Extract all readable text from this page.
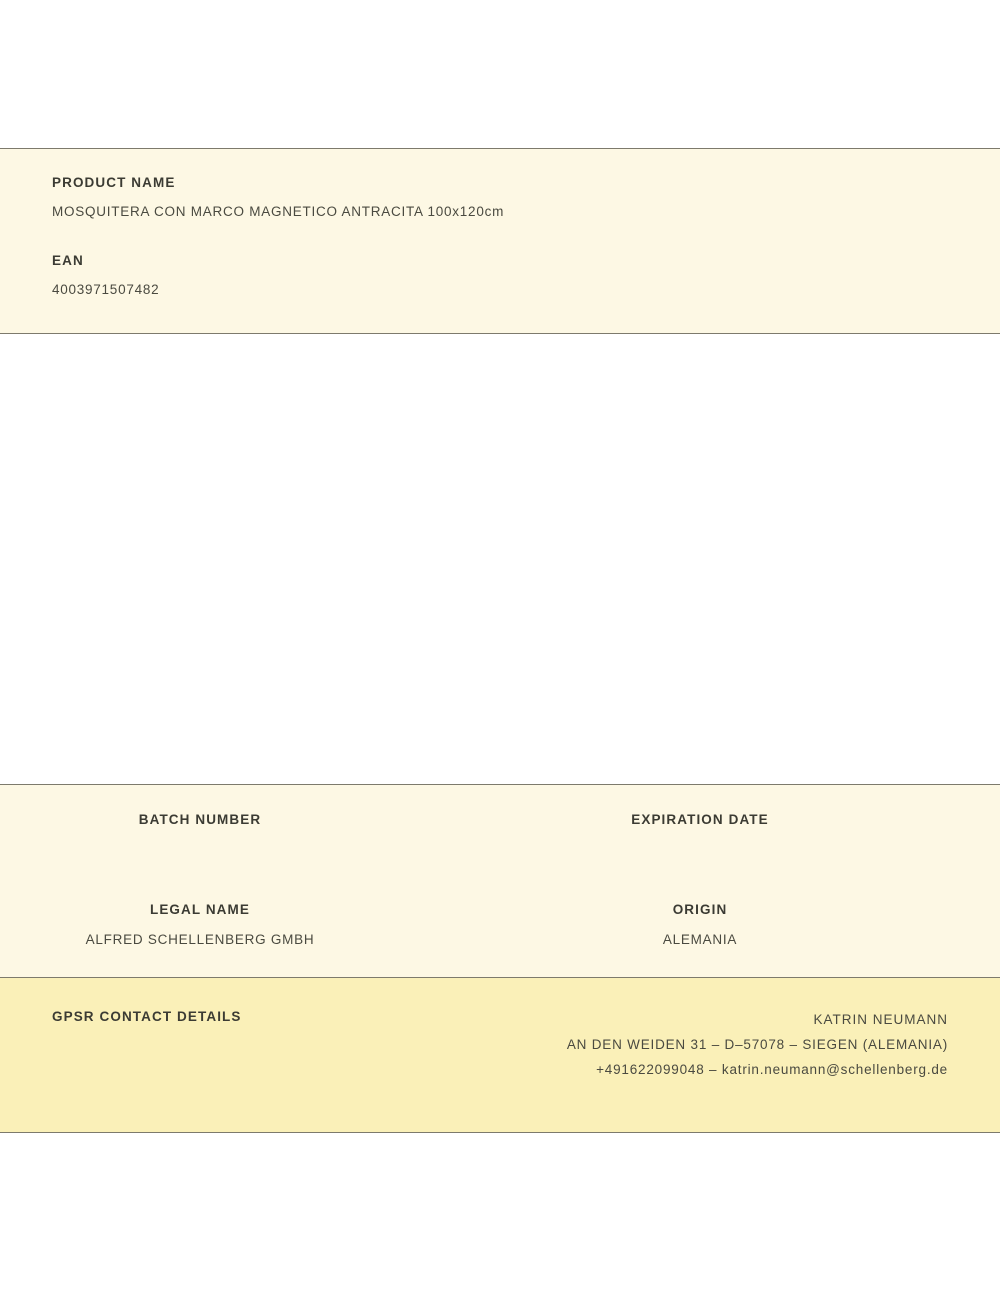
PRODUCT NAME
MOSQUITERA CON MARCO MAGNETICO ANTRACITA 100x120cm
EAN
4003971507482
BATCH NUMBER	EXPIRATION DATE
LEGAL NAME
ALFRED SCHELLENBERG GMBH
ORIGIN
ALEMANIA
GPSR CONTACT DETAILS	KATRIN NEUMANN
AN DEN WEIDEN 31 – D–57078 – SIEGEN (ALEMANIA)
+491622099048 – katrin.neumann@schellenberg.de
